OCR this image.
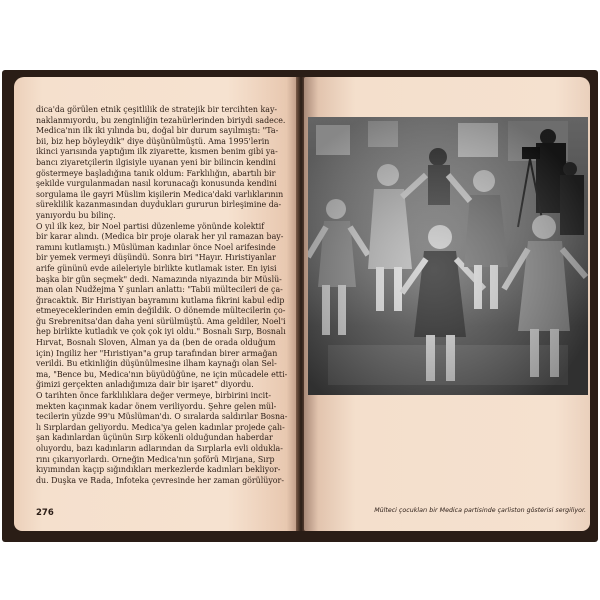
dica'da görülen etnik çeşitlilik de stratejik bir tercihten kay-
naklanmıyordu, bu zenginliğin tezahürlerinden biriydi sadece.
Medica'nın ilk iki yılında bu, doğal bir durum sayılmıştı: "Ta-
bii, biz hep böyleydik" diye düşünülmüştü. Ama 1995'lerin
ikinci yarısında yaptığım ilk ziyarette, kısmen benim gibi ya-
bancı ziyaretçilerin ilgisiyle uyanan yeni bir bilincin kendini
göstermeye başladığına tanık oldum: Farklılığın, abartılı bir
şekilde vurgulanmadan nasıl korunacağı konusunda kendini
sorgulama ile gayri Müslim kişilerin Medica'daki varlıklarının
süreklilik kazanmasından duydukları gururun birleşimine da-
yanıyordu bu bilinç.
O yıl ilk kez, bir Noel partisi düzenleme yönünde kolektif
bir karar alındı. (Medica bir proje olarak her yıl ramazan bay-
ramını kutlamıştı.) Müslüman kadınlar önce Noel arifesinde
bir yemek vermeyi düşündü. Sonra biri "Hayır. Hıristiyanlar
arife gününü evde aileleriyle birlikte kutlamak ister. En iyisi
başka bir gün seçmek" dedi. Namazında niyazında bir Müslü-
man olan Nudžejma Y şunları anlattı: "Tabii mültecileri de ça-
ğıracaktık. Bir Hıristiyan bayramını kutlama fikrini kabul edip
etmeyeceklerinden emin değildik. O dönemde mültecilerin ço-
ğu Srebrenitsa'dan daha yeni sürülmüştü. Ama geldiler, Noel'i
hep birlikte kutladık ve çok çok iyi oldu." Bosnalı Sırp, Bosnalı
Hırvat, Bosnalı Sloven, Alman ya da (ben de orada olduğum
için) İngiliz her "Hıristiyan"a grup tarafından birer armağan
verildi. Bu etkinliğin düşünülmesine ilham kaynağı olan Sel-
ma, "Bence bu, Medica'nın büyüdüğüne, ne için mücadele etti-
ğimizi gerçekten anladığımıza dair bir işaret" diyordu.
O tarihten önce farklılıklara değer vermeye, birbirini incit-
mekten kaçınmak kadar önem veriliyordu. Şehre gelen mül-
tecilerin yüzde 99'u Müslüman'dı. O sıralarda saldırılar Bosna-
lı Sırplardan geliyordu. Medica'ya gelen kadınlar projede çalı-
şan kadınlardan üçünün Sırp kökenli olduğundan haberdar
oluyordu, bazı kadınların adlarından da Sırplarla evli oldukla-
rını çıkarıyorlardı. Örneğin Medica'nın şoförü Mirjana, Sırp
kıyımından kaçıp sığındıkları merkezlerde kadınları bekliyor-
du. Duşka ve Rada, İnfoteka çevresinde her zaman görülüyor-
276	Mülteci çocukları bir Medica partisinde çarliston gösterisi sergiliyor.
